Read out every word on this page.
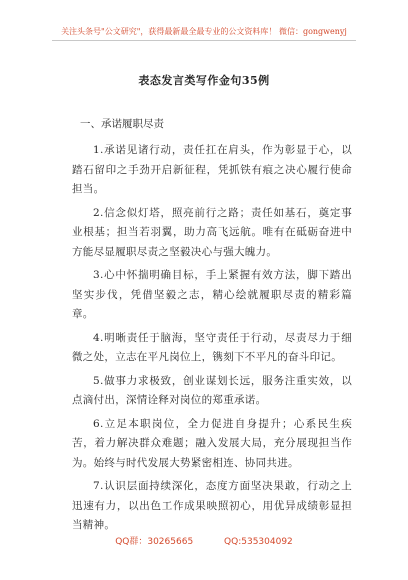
关注头条号"公文研究"，获得最新最全最专业的公文资料库！ 微信：gongwenyj
表态发言类写作金句35例
一、承诺履职尽责

1.承诺见诸行动，责任扛在肩头，作为彰显于心，以踏石留印之手劲开启新征程，凭抓铁有痕之决心履行使命担当。

2.信念似灯塔，照亮前行之路；责任如基石，奠定事业根基；担当若羽翼，助力高飞远航。唯有在砥砺奋进中方能尽显履职尽责之坚毅决心与强大魄力。

3.心中怀揣明确目标，手上紧握有效方法，脚下踏出坚实步伐，凭借坚毅之志，精心绘就履职尽责的精彩篇章。

4.明晰责任于脑海，坚守责任于行动，尽责尽力于细微之处，立志在平凡岗位上，镌刻下不平凡的奋斗印记。

5.做事力求极致，创业谋划长远，服务注重实效，以点滴付出，深情诠释对岗位的郑重承诺。

6.立足本职岗位，全力促进自身提升；心系民生疾苦，着力解决群众难题；融入发展大局，充分展现担当作为。始终与时代发展大势紧密相连、协同共进。

7.认识层面持续深化，态度方面坚决果敢，行动之上迅速有力，以出色工作成果映照初心，用优异成绩彰显担当精神。

QQ群：30265665	QQ:535304092
